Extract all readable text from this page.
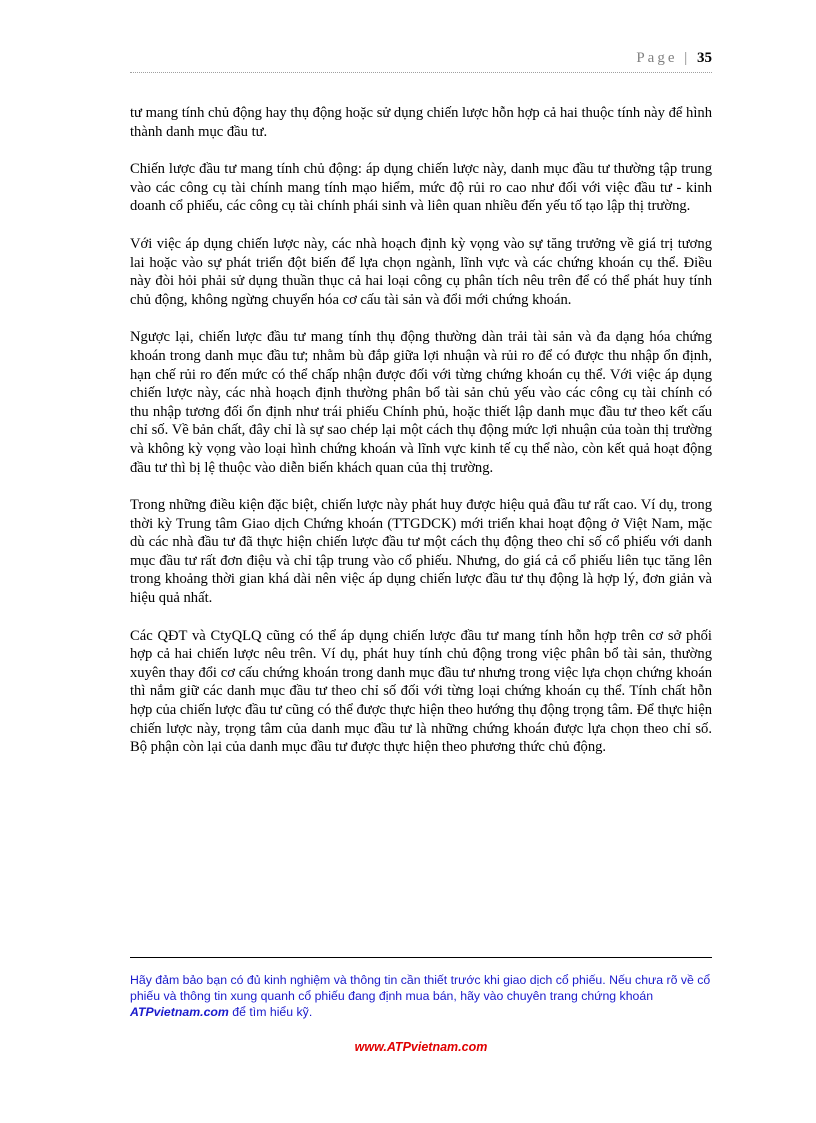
Page | 35

tư mang tính chủ động hay thụ động hoặc sử dụng chiến lược hỗn hợp cả hai thuộc tính này để hình thành danh mục đầu tư.

Chiến lược đầu tư mang tính chủ động: áp dụng chiến lược này, danh mục đầu tư thường tập trung vào các công cụ tài chính mang tính mạo hiểm, mức độ rủi ro cao như đối với việc đầu tư - kinh doanh cổ phiếu, các công cụ tài chính phái sinh và liên quan nhiều đến yếu tố tạo lập thị trường.

Với việc áp dụng chiến lược này, các nhà hoạch định kỳ vọng vào sự tăng trưởng về giá trị tương lai hoặc vào sự phát triển đột biến để lựa chọn ngành, lĩnh vực và các chứng khoán cụ thể. Điều này đòi hỏi phải sử dụng thuần thục cả hai loại công cụ phân tích nêu trên để có thể phát huy tính chủ động, không ngừng chuyển hóa cơ cấu tài sản và đổi mới chứng khoán.

Ngược lại, chiến lược đầu tư mang tính thụ động thường dàn trải tài sản và đa dạng hóa chứng khoán trong danh mục đầu tư; nhằm bù đắp giữa lợi nhuận và rủi ro để có được thu nhập ổn định, hạn chế rủi ro đến mức có thể chấp nhận được đối với từng chứng khoán cụ thể. Với việc áp dụng chiến lược này, các nhà hoạch định thường phân bổ tài sản chủ yếu vào các công cụ tài chính có thu nhập tương đối ổn định như trái phiếu Chính phủ, hoặc thiết lập danh mục đầu tư theo kết cấu chỉ số. Về bản chất, đây chỉ là sự sao chép lại một cách thụ động mức lợi nhuận của toàn thị trường và không kỳ vọng vào loại hình chứng khoán và lĩnh vực kinh tế cụ thể nào, còn kết quả hoạt động đầu tư thì bị lệ thuộc vào diễn biến khách quan của thị trường.

Trong những điều kiện đặc biệt, chiến lược này phát huy được hiệu quả đầu tư rất cao. Ví dụ, trong thời kỳ Trung tâm Giao dịch Chứng khoán (TTGDCK) mới triển khai hoạt động ở Việt Nam, mặc dù các nhà đầu tư đã thực hiện chiến lược đầu tư một cách thụ động theo chỉ số cổ phiếu với danh mục đầu tư rất đơn điệu và chỉ tập trung vào cổ phiếu. Nhưng, do giá cả cổ phiếu liên tục tăng lên trong khoảng thời gian khá dài nên việc áp dụng chiến lược đầu tư thụ động là hợp lý, đơn giản và hiệu quả nhất.

Các QĐT và CtyQLQ cũng có thể áp dụng chiến lược đầu tư mang tính hỗn hợp trên cơ sở phối hợp cả hai chiến lược nêu trên. Ví dụ, phát huy tính chủ động trong việc phân bổ tài sản, thường xuyên thay đổi cơ cấu chứng khoán trong danh mục đầu tư nhưng trong việc lựa chọn chứng khoán thì nắm giữ các danh mục đầu tư theo chỉ số đối với từng loại chứng khoán cụ thể. Tính chất hỗn hợp của chiến lược đầu tư cũng có thể được thực hiện theo hướng thụ động trọng tâm. Để thực hiện chiến lược này, trọng tâm của danh mục đầu tư là những chứng khoán được lựa chọn theo chỉ số. Bộ phận còn lại của danh mục đầu tư được thực hiện theo phương thức chủ động.

Hãy đảm bảo bạn có đủ kinh nghiệm và thông tin cần thiết trước khi giao dịch cổ phiếu. Nếu chưa rõ về cổ phiếu và thông tin xung quanh cổ phiếu đang định mua bán, hãy vào chuyên trang chứng khoán ATPvietnam.com để tìm hiểu kỹ.
www.ATPvietnam.com
